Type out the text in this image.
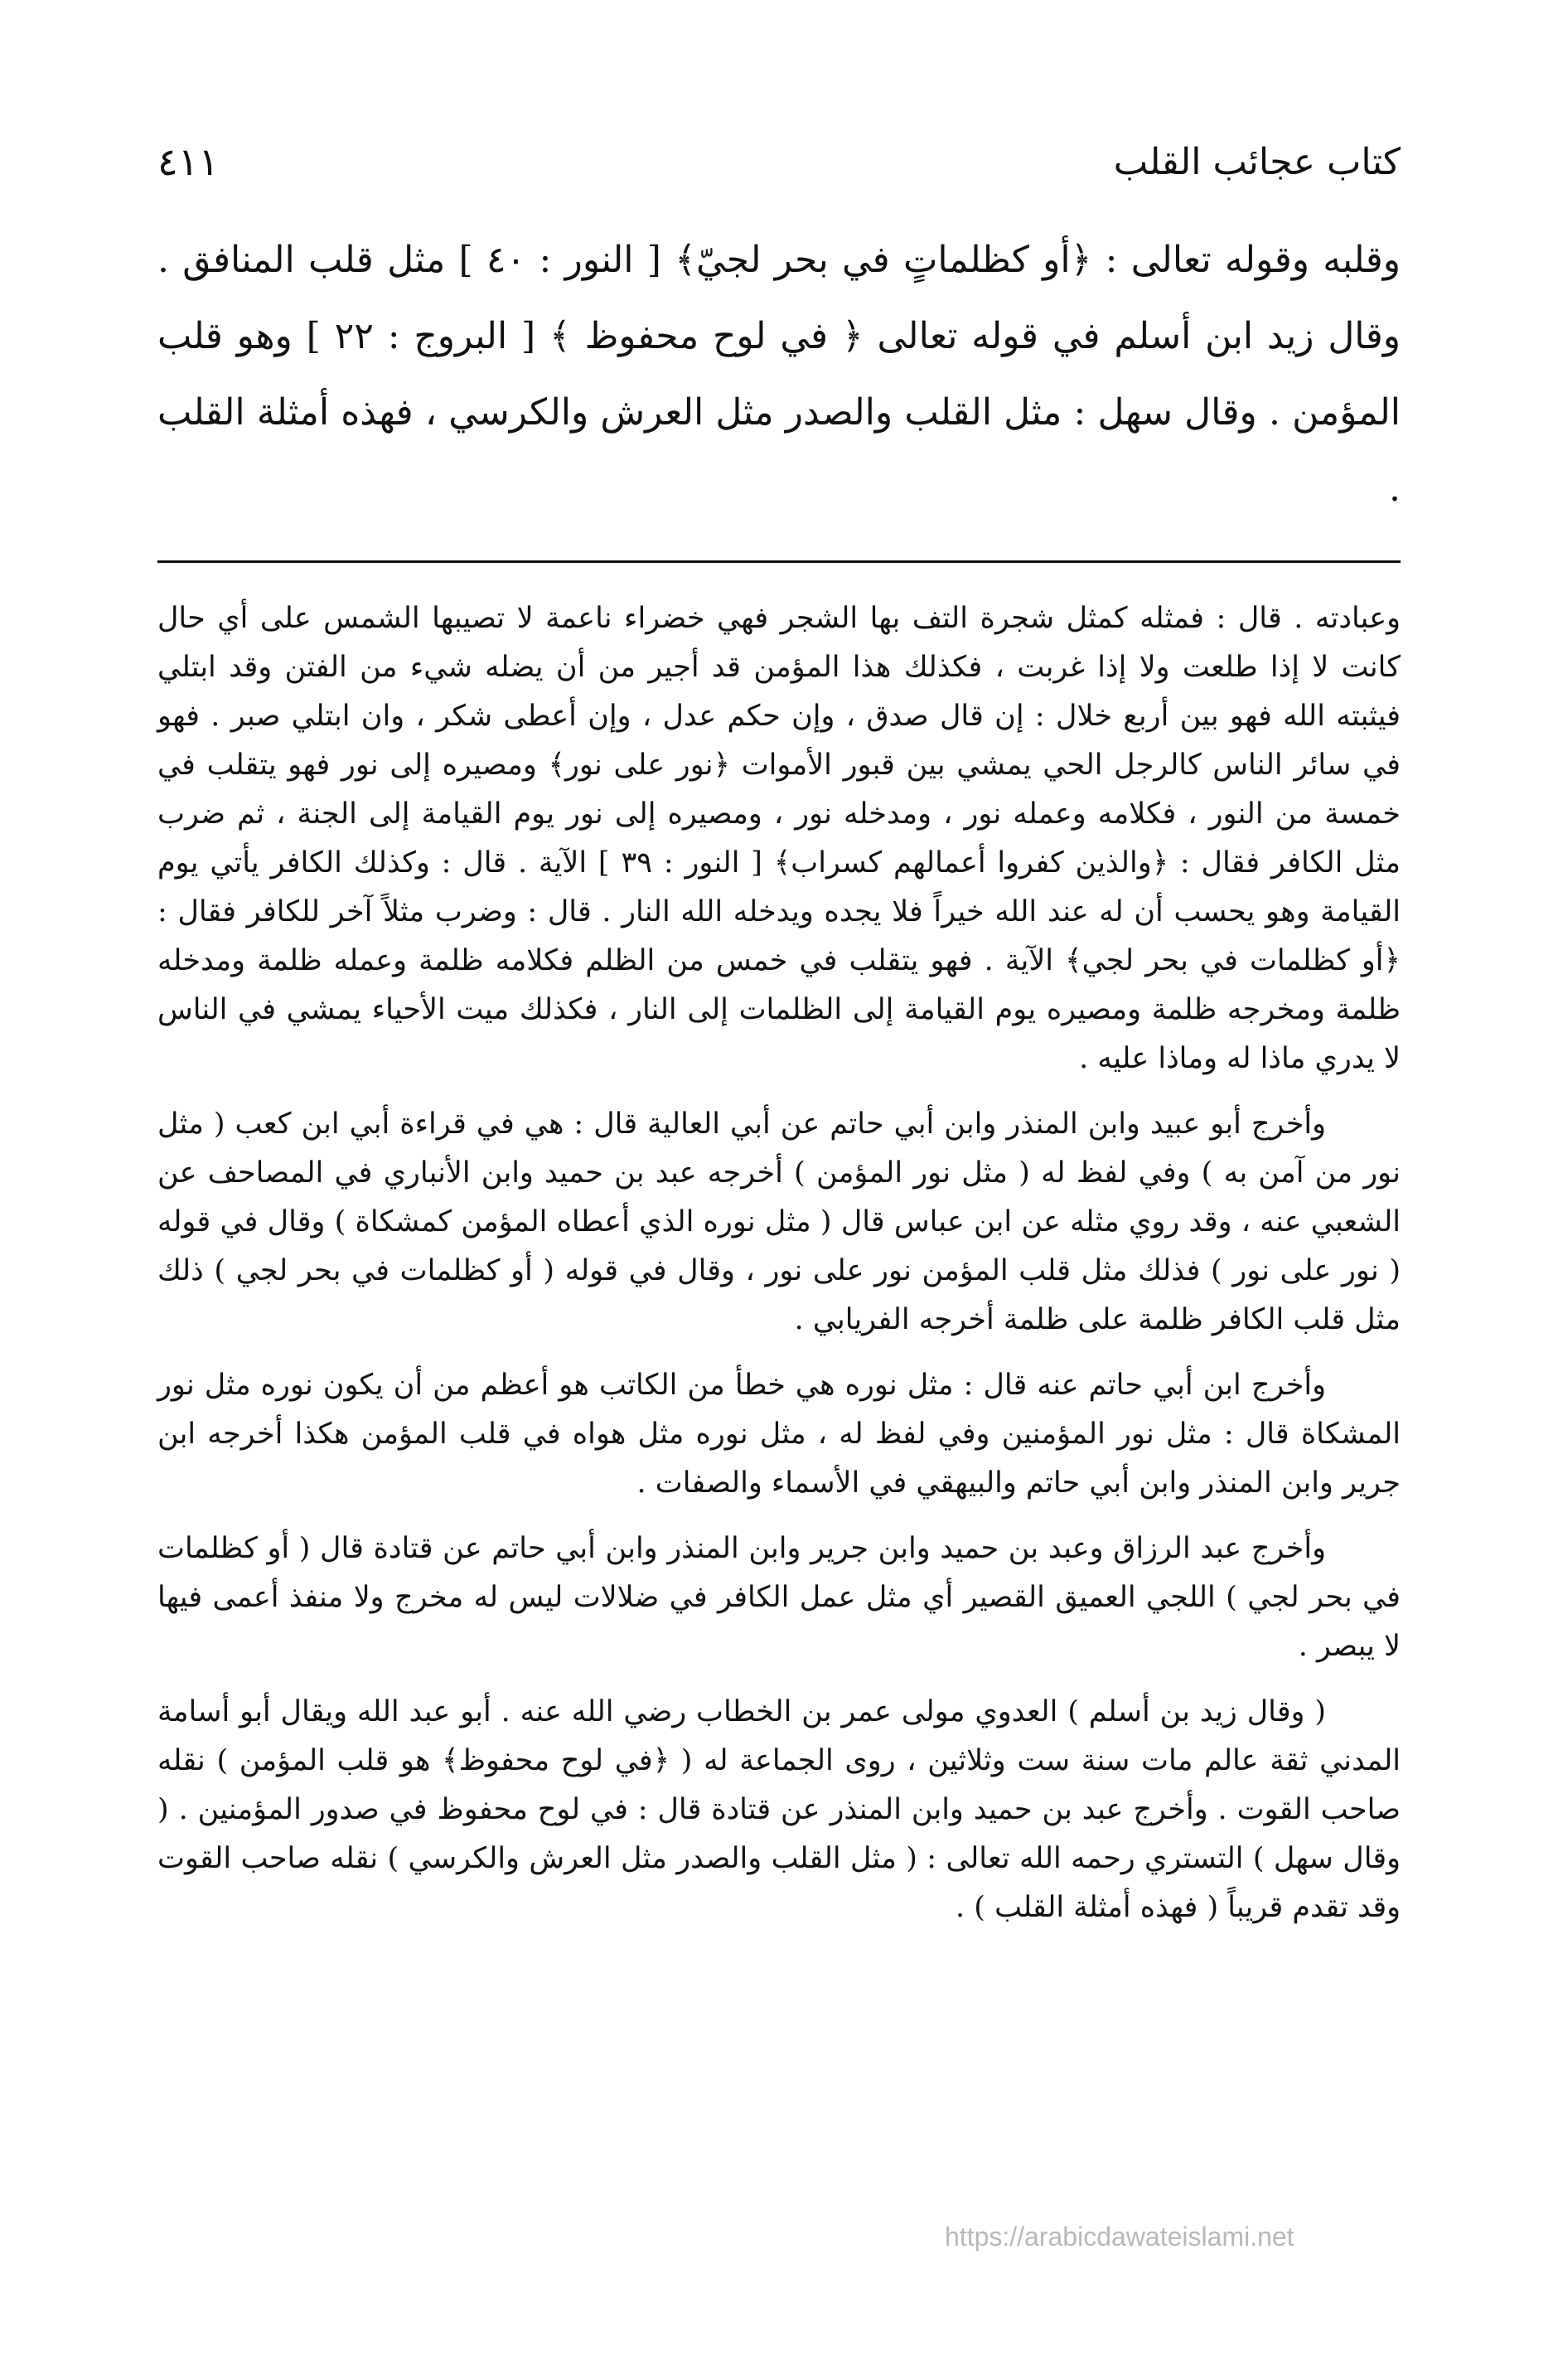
كتاب عجائب القلب
٤١١
وقلبه وقوله تعالى : ﴿أو كظلماتٍ في بحر لجيّ﴾ [ النور : ٤٠ ] مثل قلب المنافق . وقال زيد ابن أسلم في قوله تعالى ﴿ في لوح محفوظ ﴾ [ البروج : ٢٢ ] وهو قلب المؤمن . وقال سهل : مثل القلب والصدر مثل العرش والكرسي ، فهذه أمثلة القلب .

وعبادته . قال : فمثله كمثل شجرة التف بها الشجر فهي خضراء ناعمة لا تصيبها الشمس على أي حال كانت لا إذا طلعت ولا إذا غربت ، فكذلك هذا المؤمن قد أجير من أن يضله شيء من الفتن وقد ابتلي فيثبته الله فهو بين أربع خلال : إن قال صدق ، وإن حكم عدل ، وإن أعطى شكر ، وان ابتلي صبر . فهو في سائر الناس كالرجل الحي يمشي بين قبور الأموات ﴿نور على نور﴾ ومصيره إلى نور فهو يتقلب في خمسة من النور ، فكلامه وعمله نور ، ومدخله نور ، ومصيره إلى نور يوم القيامة إلى الجنة ، ثم ضرب مثل الكافر فقال : ﴿والذين كفروا أعمالهم كسراب﴾ [ النور : ٣٩ ] الآية . قال : وكذلك الكافر يأتي يوم القيامة وهو يحسب أن له عند الله خيراً فلا يجده ويدخله الله النار . قال : وضرب مثلاً آخر للكافر فقال : ﴿أو كظلمات في بحر لجي﴾ الآية . فهو يتقلب في خمس من الظلم فكلامه ظلمة وعمله ظلمة ومدخله ظلمة ومخرجه ظلمة ومصيره يوم القيامة إلى الظلمات إلى النار ، فكذلك ميت الأحياء يمشي في الناس لا يدري ماذا له وماذا عليه .

وأخرج أبو عبيد وابن المنذر وابن أبي حاتم عن أبي العالية قال : هي في قراءة أبي ابن كعب ( مثل نور من آمن به ) وفي لفظ له ( مثل نور المؤمن ) أخرجه عبد بن حميد وابن الأنباري في المصاحف عن الشعبي عنه ، وقد روي مثله عن ابن عباس قال ( مثل نوره الذي أعطاه المؤمن كمشكاة ) وقال في قوله ( نور على نور ) فذلك مثل قلب المؤمن نور على نور ، وقال في قوله ( أو كظلمات في بحر لجي ) ذلك مثل قلب الكافر ظلمة على ظلمة أخرجه الفريابي .

وأخرج ابن أبي حاتم عنه قال : مثل نوره هي خطأ من الكاتب هو أعظم من أن يكون نوره مثل نور المشكاة قال : مثل نور المؤمنين وفي لفظ له ، مثل نوره مثل هواه في قلب المؤمن هكذا أخرجه ابن جرير وابن المنذر وابن أبي حاتم والبيهقي في الأسماء والصفات .

وأخرج عبد الرزاق وعبد بن حميد وابن جرير وابن المنذر وابن أبي حاتم عن قتادة قال ( أو كظلمات في بحر لجي ) اللجي العميق القصير أي مثل عمل الكافر في ضلالات ليس له مخرج ولا منفذ أعمى فيها لا يبصر .

( وقال زيد بن أسلم ) العدوي مولى عمر بن الخطاب رضي الله عنه . أبو عبد الله ويقال أبو أسامة المدني ثقة عالم مات سنة ست وثلاثين ، روى الجماعة له ( ﴿في لوح محفوظ﴾ هو قلب المؤمن ) نقله صاحب القوت . وأخرج عبد بن حميد وابن المنذر عن قتادة قال : في لوح محفوظ في صدور المؤمنين . ( وقال سهل ) التستري رحمه الله تعالى : ( مثل القلب والصدر مثل العرش والكرسي ) نقله صاحب القوت وقد تقدم قريباً ( فهذه أمثلة القلب ) .

https://arabicdawateislami.net
